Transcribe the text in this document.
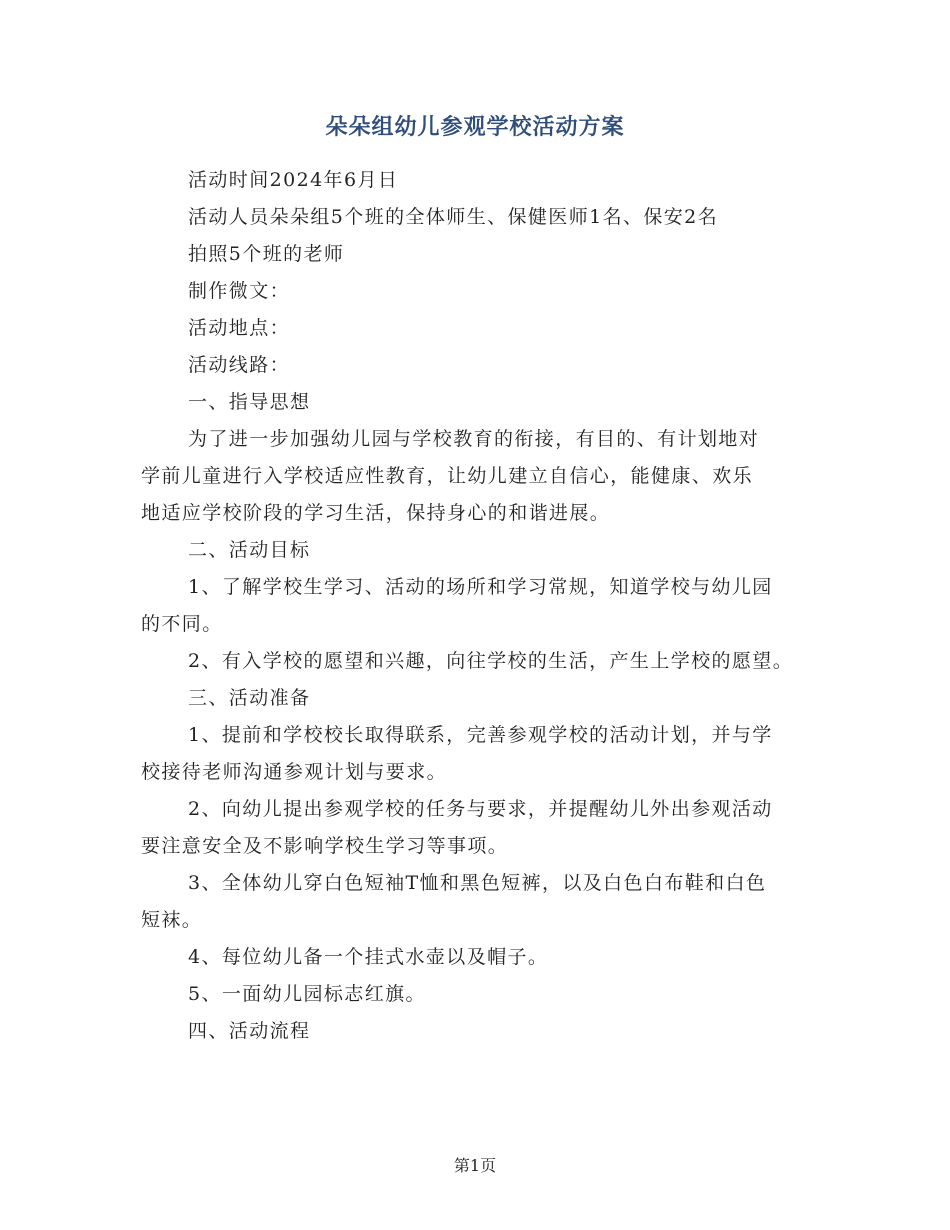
朵朵组幼儿参观学校活动方案
活动时间2024年6月日
活动人员朵朵组5个班的全体师生、保健医师1名、保安2名
拍照5个班的老师
制作微文：
活动地点：
活动线路：
一、指导思想
为了进一步加强幼儿园与学校教育的衔接，有目的、有计划地对
学前儿童进行入学校适应性教育，让幼儿建立自信心，能健康、欢乐
地适应学校阶段的学习生活，保持身心的和谐进展。
二、活动目标
1、了解学校生学习、活动的场所和学习常规，知道学校与幼儿园
的不同。
2、有入学校的愿望和兴趣，向往学校的生活，产生上学校的愿望。
三、活动准备
1、提前和学校校长取得联系，完善参观学校的活动计划，并与学
校接待老师沟通参观计划与要求。
2、向幼儿提出参观学校的任务与要求，并提醒幼儿外出参观活动
要注意安全及不影响学校生学习等事项。
3、全体幼儿穿白色短袖T恤和黑色短裤，以及白色白布鞋和白色
短袜。
4、每位幼儿备一个挂式水壶以及帽子。
5、一面幼儿园标志红旗。
四、活动流程
第1页
